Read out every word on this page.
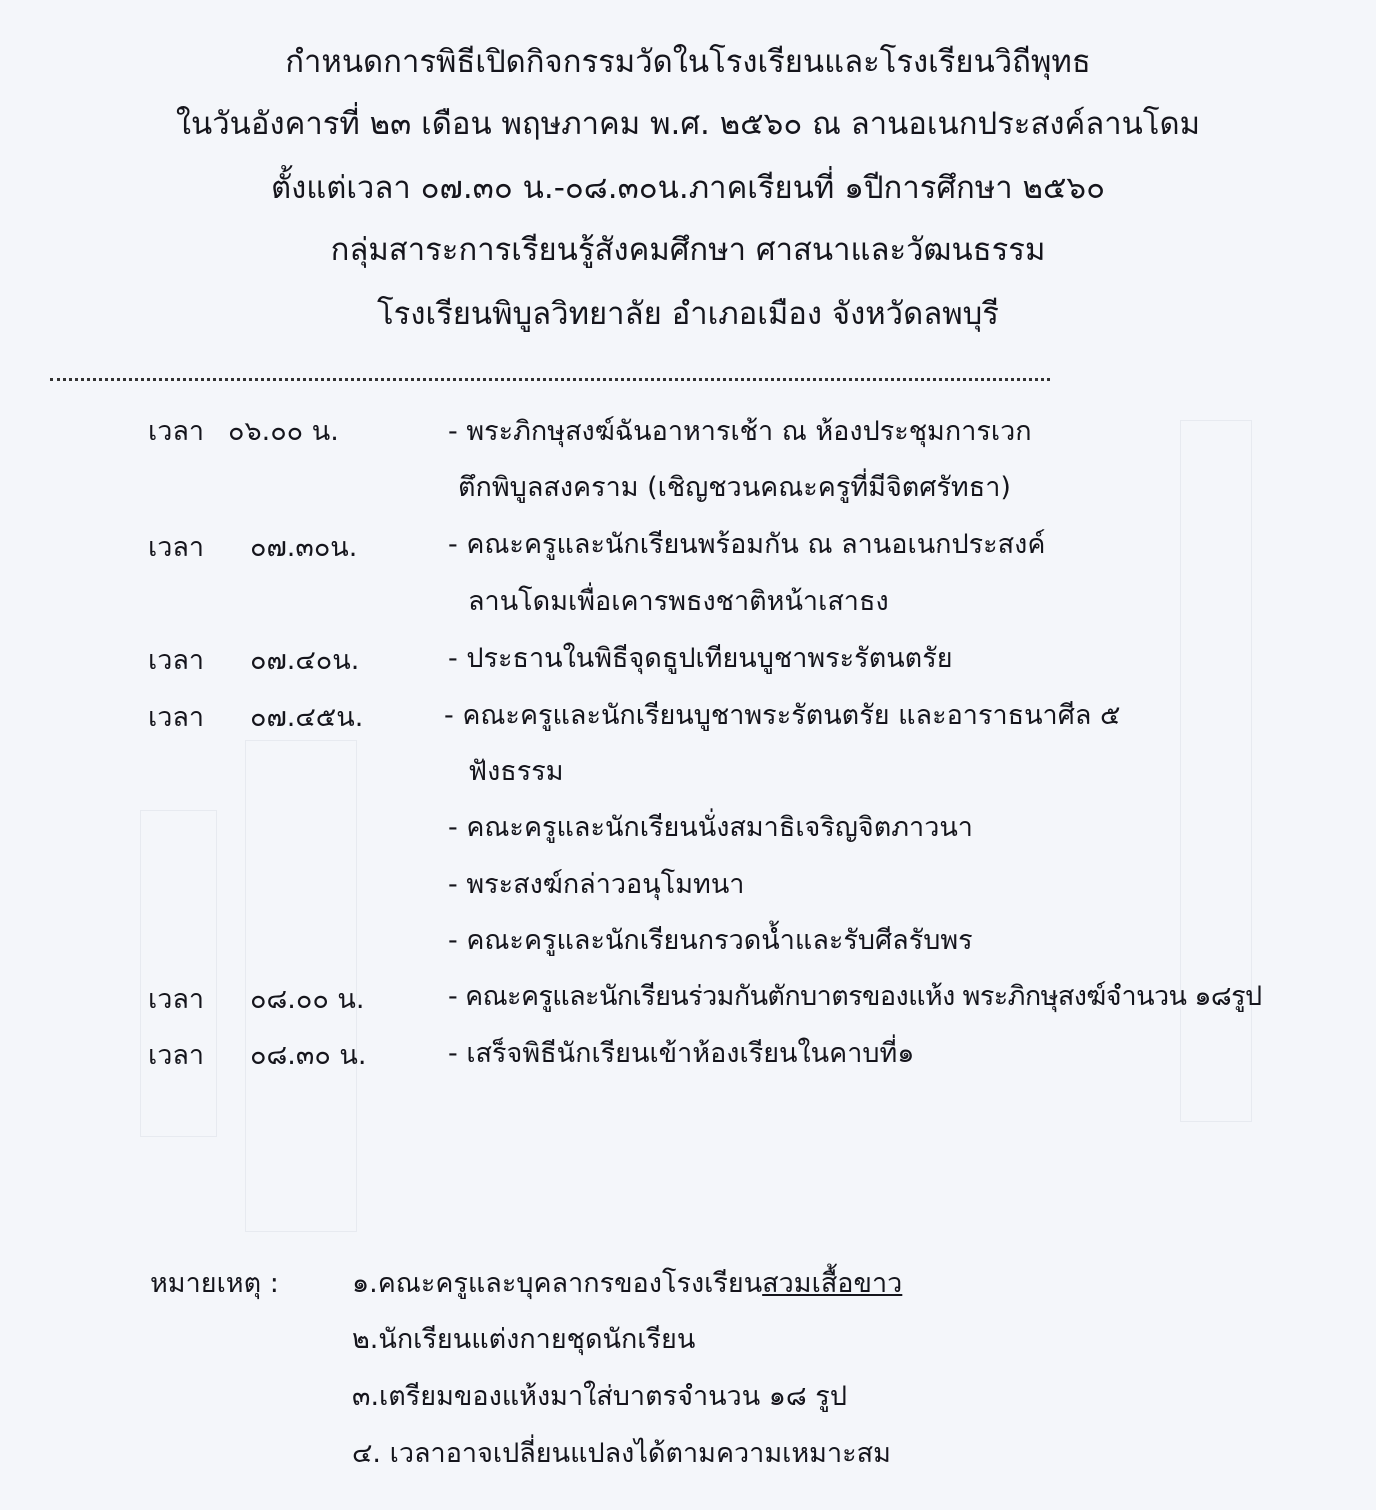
กำหนดการพิธีเปิดกิจกรรมวัดในโรงเรียนและโรงเรียนวิถีพุทธ
ในวันอังคารที่ ๒๓ เดือน พฤษภาคม พ.ศ. ๒๕๖๐ ณ ลานอเนกประสงค์ลานโดม
ตั้งแต่เวลา ๐๗.๓๐ น.-๐๘.๓๐น.ภาคเรียนที่ ๑ปีการศึกษา ๒๕๖๐
กลุ่มสาระการเรียนรู้สังคมศึกษา ศาสนาและวัฒนธรรม
โรงเรียนพิบูลวิทยาลัย อำเภอเมือง จังหวัดลพบุรี
เวลา ๐๖.๐๐ น.	- พระภิกษุสงฆ์ฉันอาหารเช้า ณ ห้องประชุมการเวก
ตึกพิบูลสงคราม (เชิญชวนคณะครูที่มีจิตศรัทธา)
เวลา ๐๗.๓๐น.	- คณะครูและนักเรียนพร้อมกัน ณ ลานอเนกประสงค์
ลานโดมเพื่อเคารพธงชาติหน้าเสาธง
เวลา ๐๗.๔๐น.	- ประธานในพิธีจุดธูปเทียนบูชาพระรัตนตรัย
เวลา ๐๗.๔๕น.	- คณะครูและนักเรียนบูชาพระรัตนตรัย และอาราธนาศีล ๕
ฟังธรรม
- คณะครูและนักเรียนนั่งสมาธิเจริญจิตภาวนา
- พระสงฆ์กล่าวอนุโมทนา
- คณะครูและนักเรียนกรวดน้ำและรับศีลรับพร
เวลา ๐๘.๐๐ น.	- คณะครูและนักเรียนร่วมกันตักบาตรของแห้ง พระภิกษุสงฆ์จำนวน ๑๘รูป
เวลา ๐๘.๓๐ น.	- เสร็จพิธีนักเรียนเข้าห้องเรียนในคาบที่๑
หมายเหตุ :	๑.คณะครูและบุคลากรของโรงเรียนสวมเสื้อขาว
๒.นักเรียนแต่งกายชุดนักเรียน
๓.เตรียมของแห้งมาใส่บาตรจำนวน ๑๘ รูป
๔. เวลาอาจเปลี่ยนแปลงได้ตามความเหมาะสม
